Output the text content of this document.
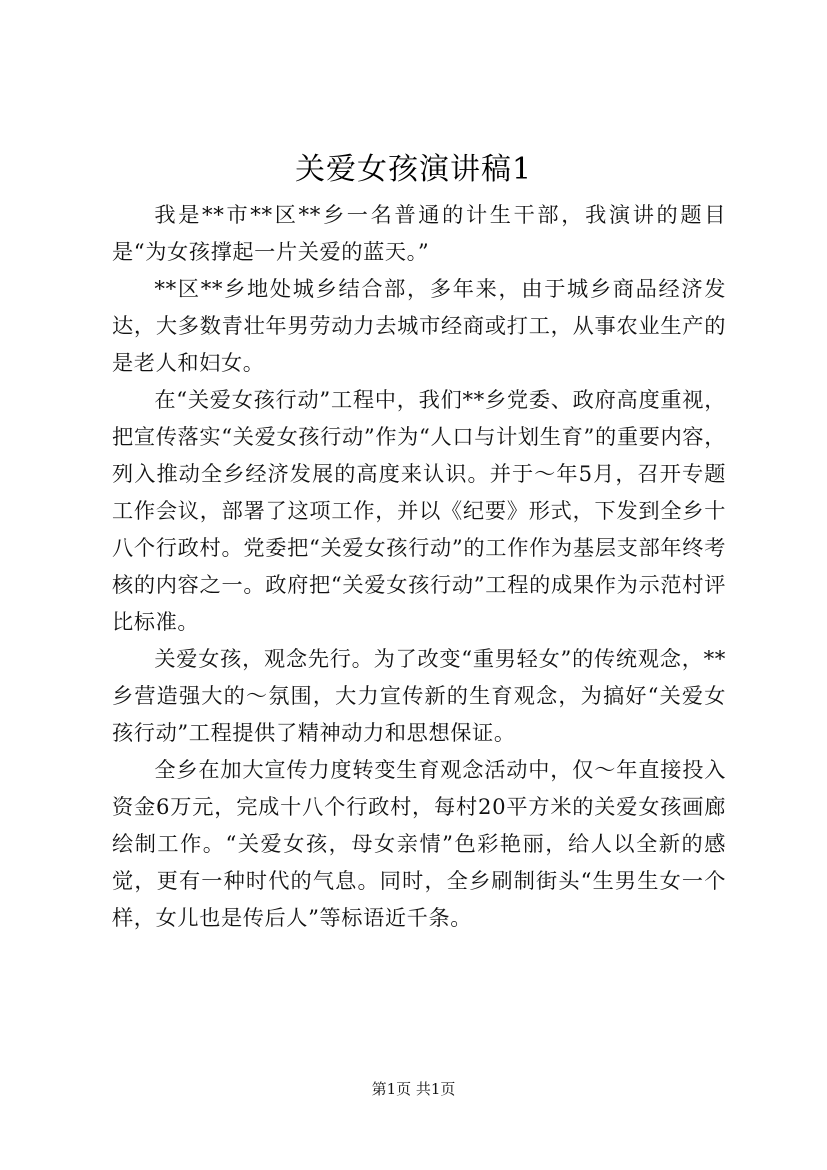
关爱女孩演讲稿1

我是**市**区**乡一名普通的计生干部，我演讲的题目是“为女孩撑起一片关爱的蓝天。”

**区**乡地处城乡结合部，多年来，由于城乡商品经济发达，大多数青壮年男劳动力去城市经商或打工，从事农业生产的是老人和妇女。

在“关爱女孩行动”工程中，我们**乡党委、政府高度重视，把宣传落实“关爱女孩行动”作为“人口与计划生育”的重要内容，列入推动全乡经济发展的高度来认识。并于～年5月，召开专题工作会议，部署了这项工作，并以《纪要》形式，下发到全乡十八个行政村。党委把“关爱女孩行动”的工作作为基层支部年终考核的内容之一。政府把“关爱女孩行动”工程的成果作为示范村评比标准。

关爱女孩，观念先行。为了改变“重男轻女”的传统观念，**乡营造强大的～氛围，大力宣传新的生育观念，为搞好“关爱女孩行动”工程提供了精神动力和思想保证。

全乡在加大宣传力度转变生育观念活动中，仅～年直接投入资金6万元，完成十八个行政村，每村20平方米的关爱女孩画廊绘制工作。“关爱女孩，母女亲情”色彩艳丽，给人以全新的感觉，更有一种时代的气息。同时，全乡刷制街头“生男生女一个样，女儿也是传后人”等标语近千条。

第1页 共1页
